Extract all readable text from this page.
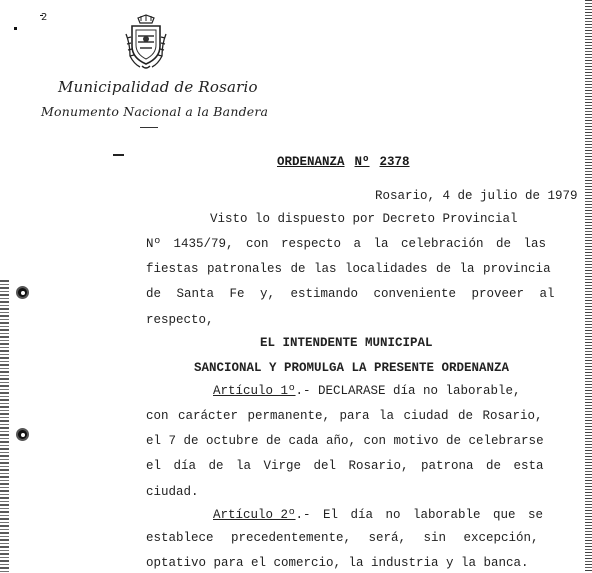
2
Municipalidad de Rosario
Monumento Nacional a la Bandera
ORDENANZA Nº 2378
Rosario, 4 de julio de 1979
Visto lo dispuesto por Decreto Provincial
Nº 1435/79, con respecto a la celebración de las
fiestas patronales de las localidades de la provincia
de Santa Fe y, estimando conveniente proveer al
respecto,
EL INTENDENTE MUNICIPAL
SANCIONAL Y PROMULGA LA PRESENTE ORDENANZA
Artículo 1º.- DECLARASE día no laborable,
con carácter permanente, para la ciudad de Rosario,
el 7 de octubre de cada año, con motivo de celebrarse
el día de la Virge del Rosario, patrona de esta
ciudad.
Artículo 2º.- El día no laborable que se
establece precedentemente, será, sin excepción,
optativo para el comercio, la industria y la banca.
